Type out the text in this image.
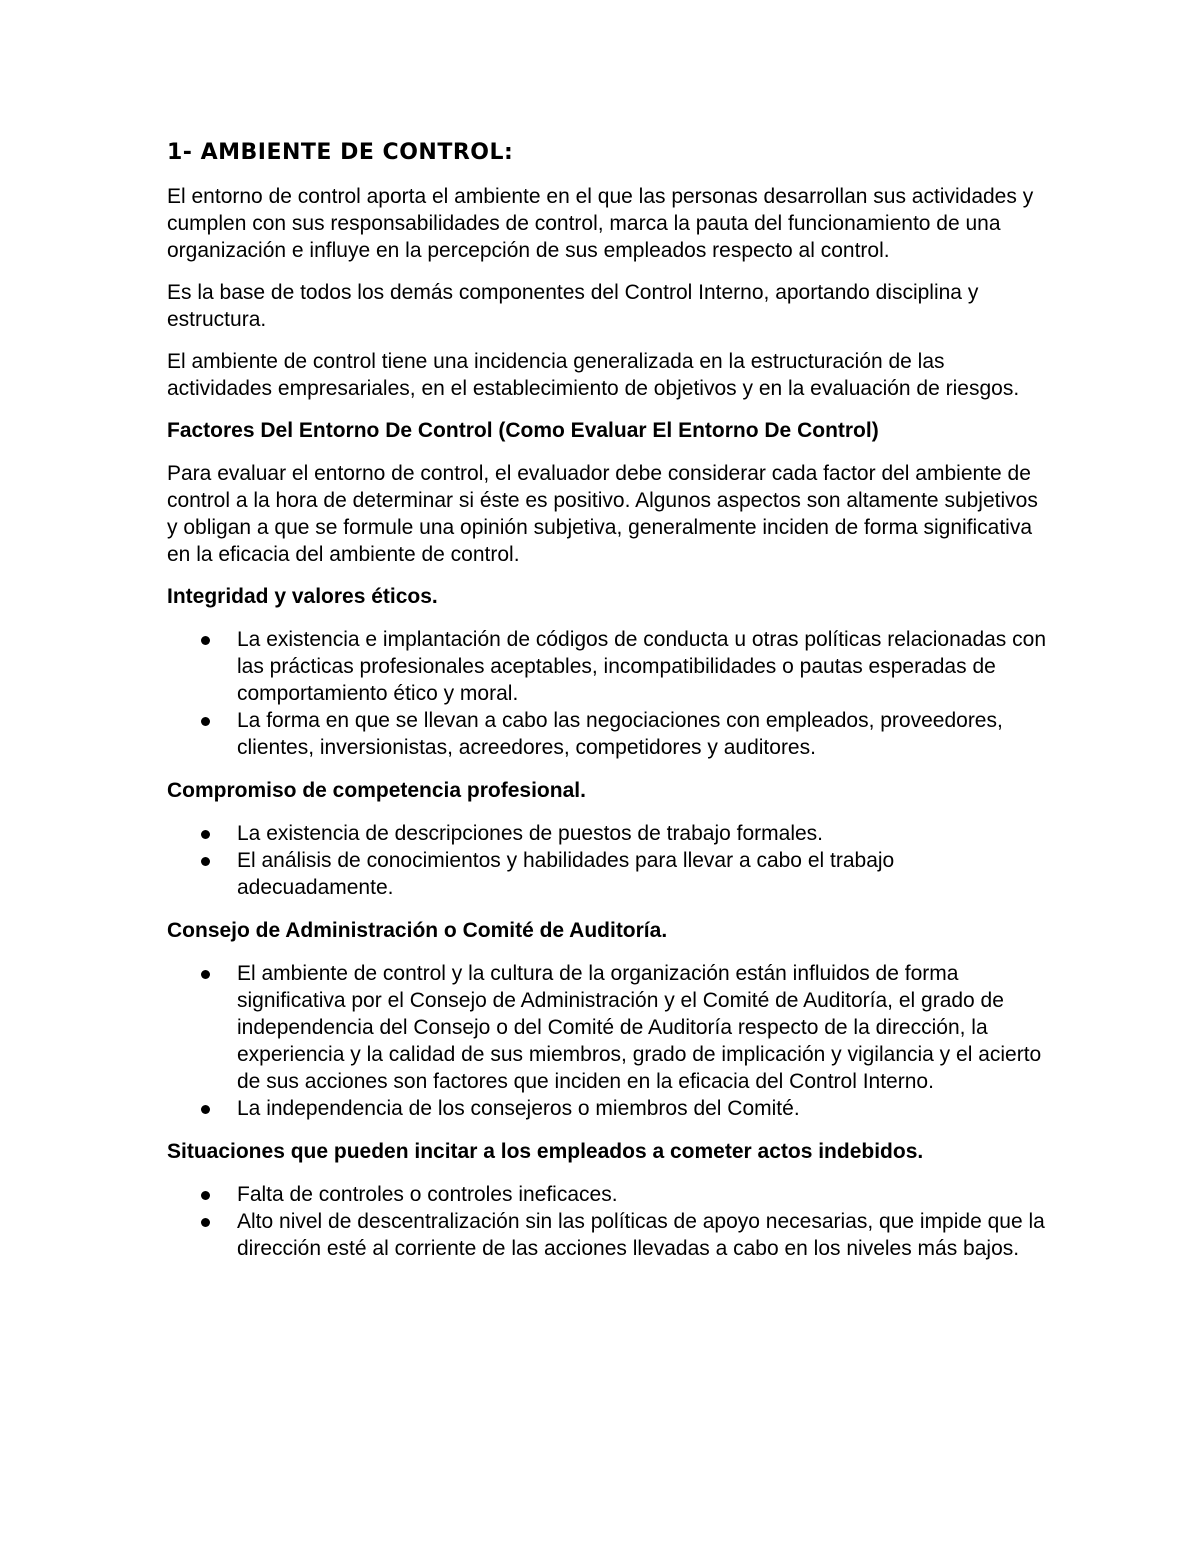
1- AMBIENTE DE CONTROL:

El entorno de control aporta el ambiente en el que las personas desarrollan sus actividades y cumplen con sus responsabilidades de control, marca la pauta del funcionamiento de una organización e influye en la percepción de sus empleados respecto al control.

Es la base de todos los demás componentes del Control Interno, aportando disciplina y estructura.

El ambiente de control tiene una incidencia generalizada en la estructuración de las actividades empresariales, en el establecimiento de objetivos y en la evaluación de riesgos.

Factores Del Entorno De Control (Como Evaluar El Entorno De Control)

Para evaluar el entorno de control, el evaluador debe considerar cada factor del ambiente de control a la hora de determinar si éste es positivo. Algunos aspectos son altamente subjetivos y obligan a que se formule una opinión subjetiva, generalmente inciden de forma significativa en la eficacia del ambiente de control.

Integridad y valores éticos.
La existencia e implantación de códigos de conducta u otras políticas relacionadas con las prácticas profesionales aceptables, incompatibilidades o pautas esperadas de comportamiento ético y moral.
La forma en que se llevan a cabo las negociaciones con empleados, proveedores, clientes, inversionistas, acreedores, competidores y auditores.
Compromiso de competencia profesional.
La existencia de descripciones de puestos de trabajo formales.
El análisis de conocimientos y habilidades para llevar a cabo el trabajo adecuadamente.
Consejo de Administración o Comité de Auditoría.
El ambiente de control y la cultura de la organización están influidos de forma significativa por el Consejo de Administración y el Comité de Auditoría, el grado de independencia del Consejo o del Comité de Auditoría respecto de la dirección, la experiencia y la calidad de sus miembros, grado de implicación y vigilancia y el acierto de sus acciones son factores que inciden en la eficacia del Control Interno.
La independencia de los consejeros o miembros del Comité.
Situaciones que pueden incitar a los empleados a cometer actos indebidos.
Falta de controles o controles ineficaces.
Alto nivel de descentralización sin las políticas de apoyo necesarias, que impide que la dirección esté al corriente de las acciones llevadas a cabo en los niveles más bajos.
